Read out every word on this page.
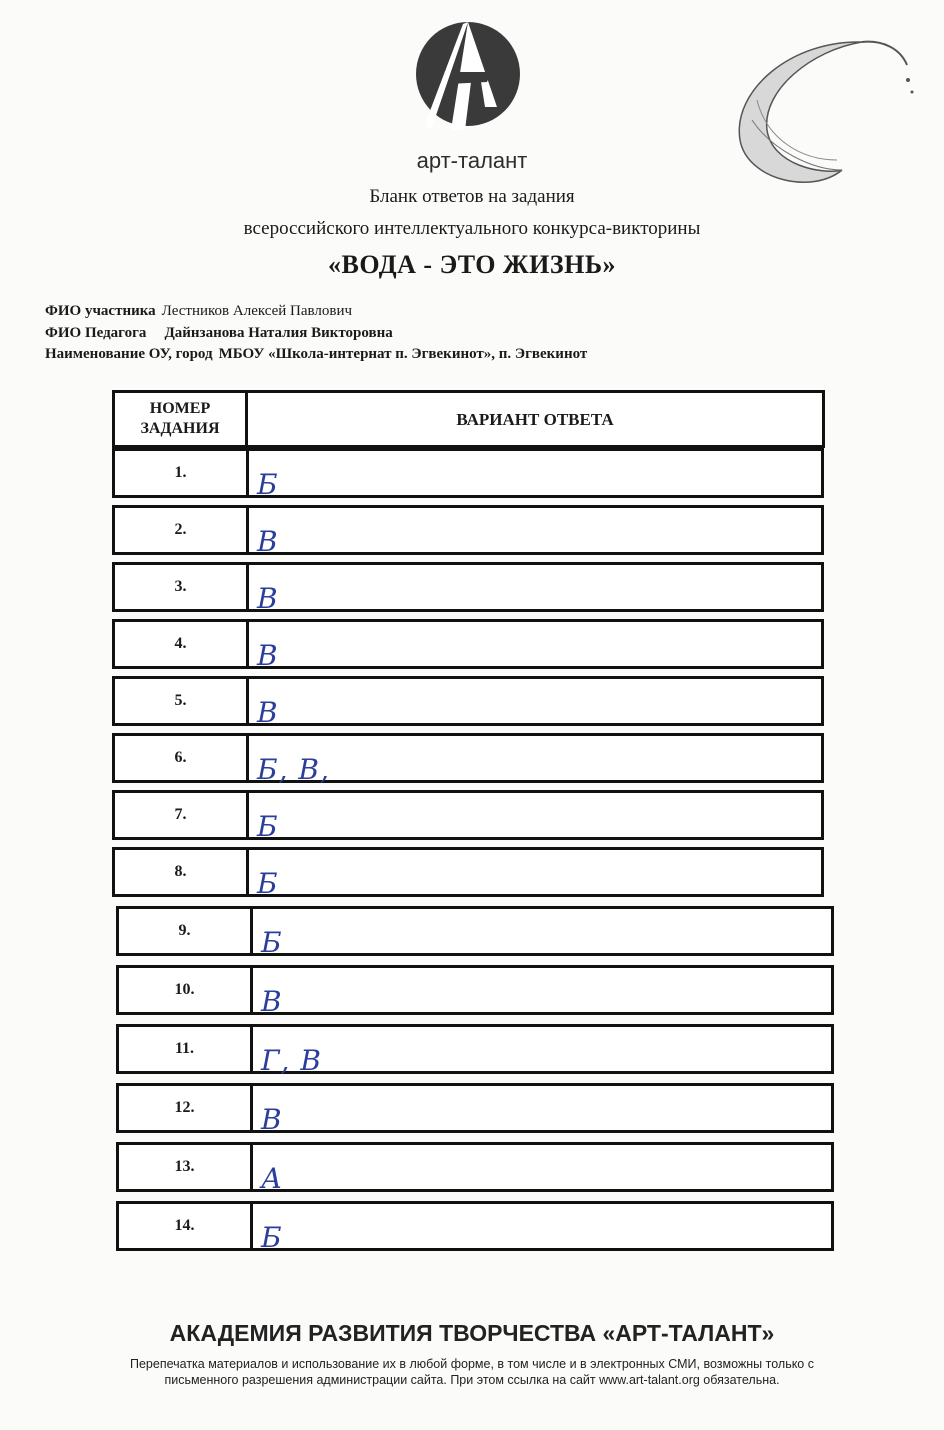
арт-талант
Бланк ответов на задания
всероссийского интеллектуального конкурса-викторины
«ВОДА - ЭТО ЖИЗНЬ»
ФИО участника Лестников Алексей Павлович
ФИО Педагога Дайнзанова Наталия Викторовна
Наименование ОУ, город МБОУ «Школа-интернат п. Эгвекинот», п. Эгвекинот
НОМЕР
ЗАДАНИЯ	ВАРИАНТ ОТВЕТА
1.	Б
2.	В
3.	В
4.	В
5.	В
6.	Б, В,
7.	Б
8.	Б
9.	Б
10.	В
11.	Г, В
12.	В
13.	А
14.	Б
АКАДЕМИЯ РАЗВИТИЯ ТВОРЧЕСТВА «АРТ-ТАЛАНТ»
Перепечатка материалов и использование их в любой форме, в том числе и в электронных СМИ, возможны только с
письменного разрешения администрации сайта. При этом ссылка на сайт www.art-talant.org обязательна.
